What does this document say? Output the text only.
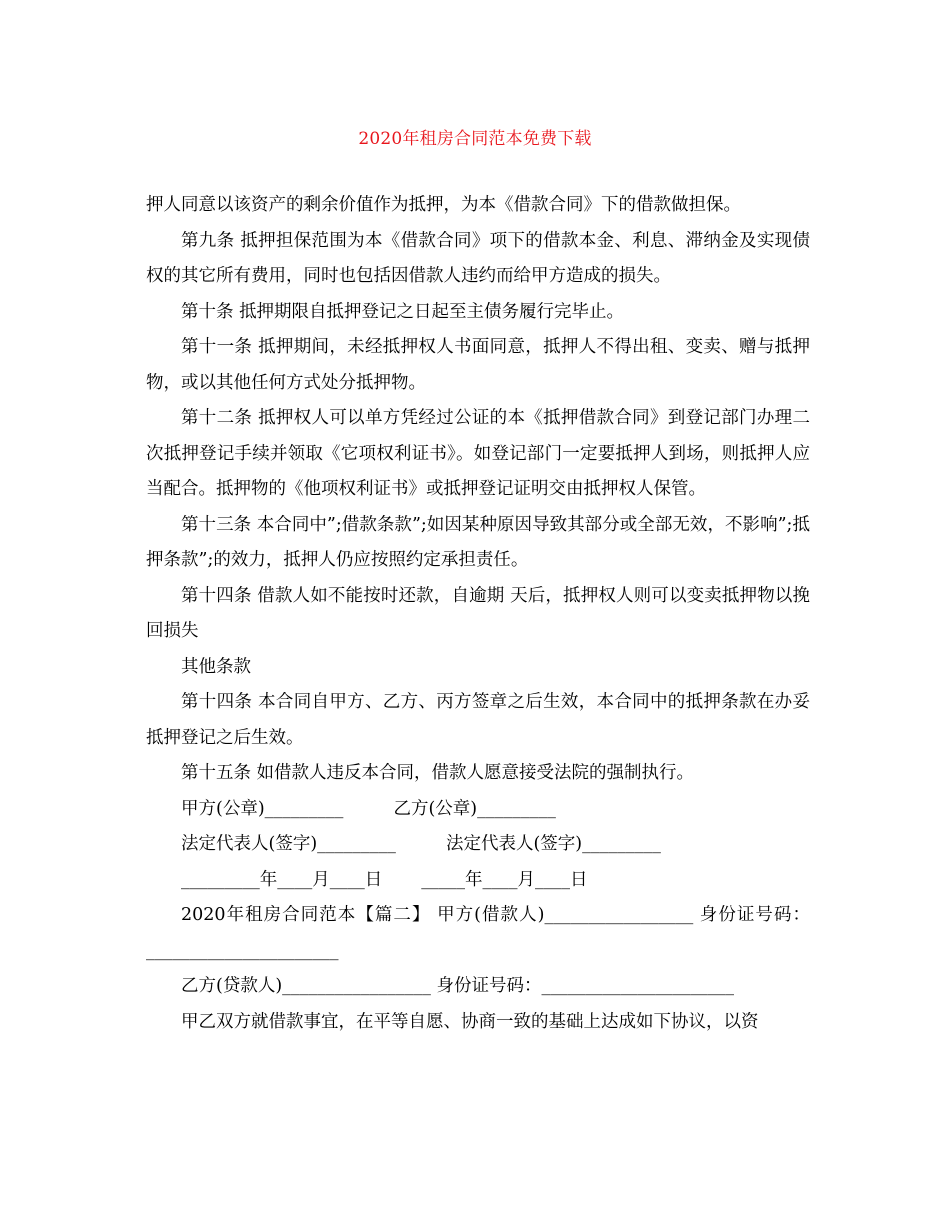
2020年租房合同范本免费下载

押人同意以该资产的剩余价值作为抵押，为本《借款合同》下的借款做担保。

第九条 抵押担保范围为本《借款合同》项下的借款本金、利息、滞纳金及实现债权的其它所有费用，同时也包括因借款人违约而给甲方造成的损失。

第十条 抵押期限自抵押登记之日起至主债务履行完毕止。

第十一条 抵押期间，未经抵押权人书面同意，抵押人不得出租、变卖、赠与抵押物，或以其他任何方式处分抵押物。

第十二条 抵押权人可以单方凭经过公证的本《抵押借款合同》到登记部门办理二次抵押登记手续并领取《它项权利证书》。如登记部门一定要抵押人到场，则抵押人应当配合。抵押物的《他项权利证书》或抵押登记证明交由抵押权人保管。

第十三条 本合同中”;借款条款”;如因某种原因导致其部分或全部无效，不影响”;抵押条款”;的效力，抵押人仍应按照约定承担责任。

第十四条 借款人如不能按时还款，自逾期 天后，抵押权人则可以变卖抵押物以挽回损失

其他条款

第十四条 本合同自甲方、乙方、丙方签章之后生效，本合同中的抵押条款在办妥抵押登记之后生效。

第十五条 如借款人违反本合同，借款人愿意接受法院的强制执行。

甲方(公章)_________         乙方(公章)_________

法定代表人(签字)_________         法定代表人(签字)_________

_________年____月____日       _____年____月____日

2020年租房合同范本【篇二】 甲方(借款人)_________________ 身份证号码：______________________

乙方(贷款人)_________________ 身份证号码：______________________

甲乙双方就借款事宜，在平等自愿、协商一致的基础上达成如下协议，以资
